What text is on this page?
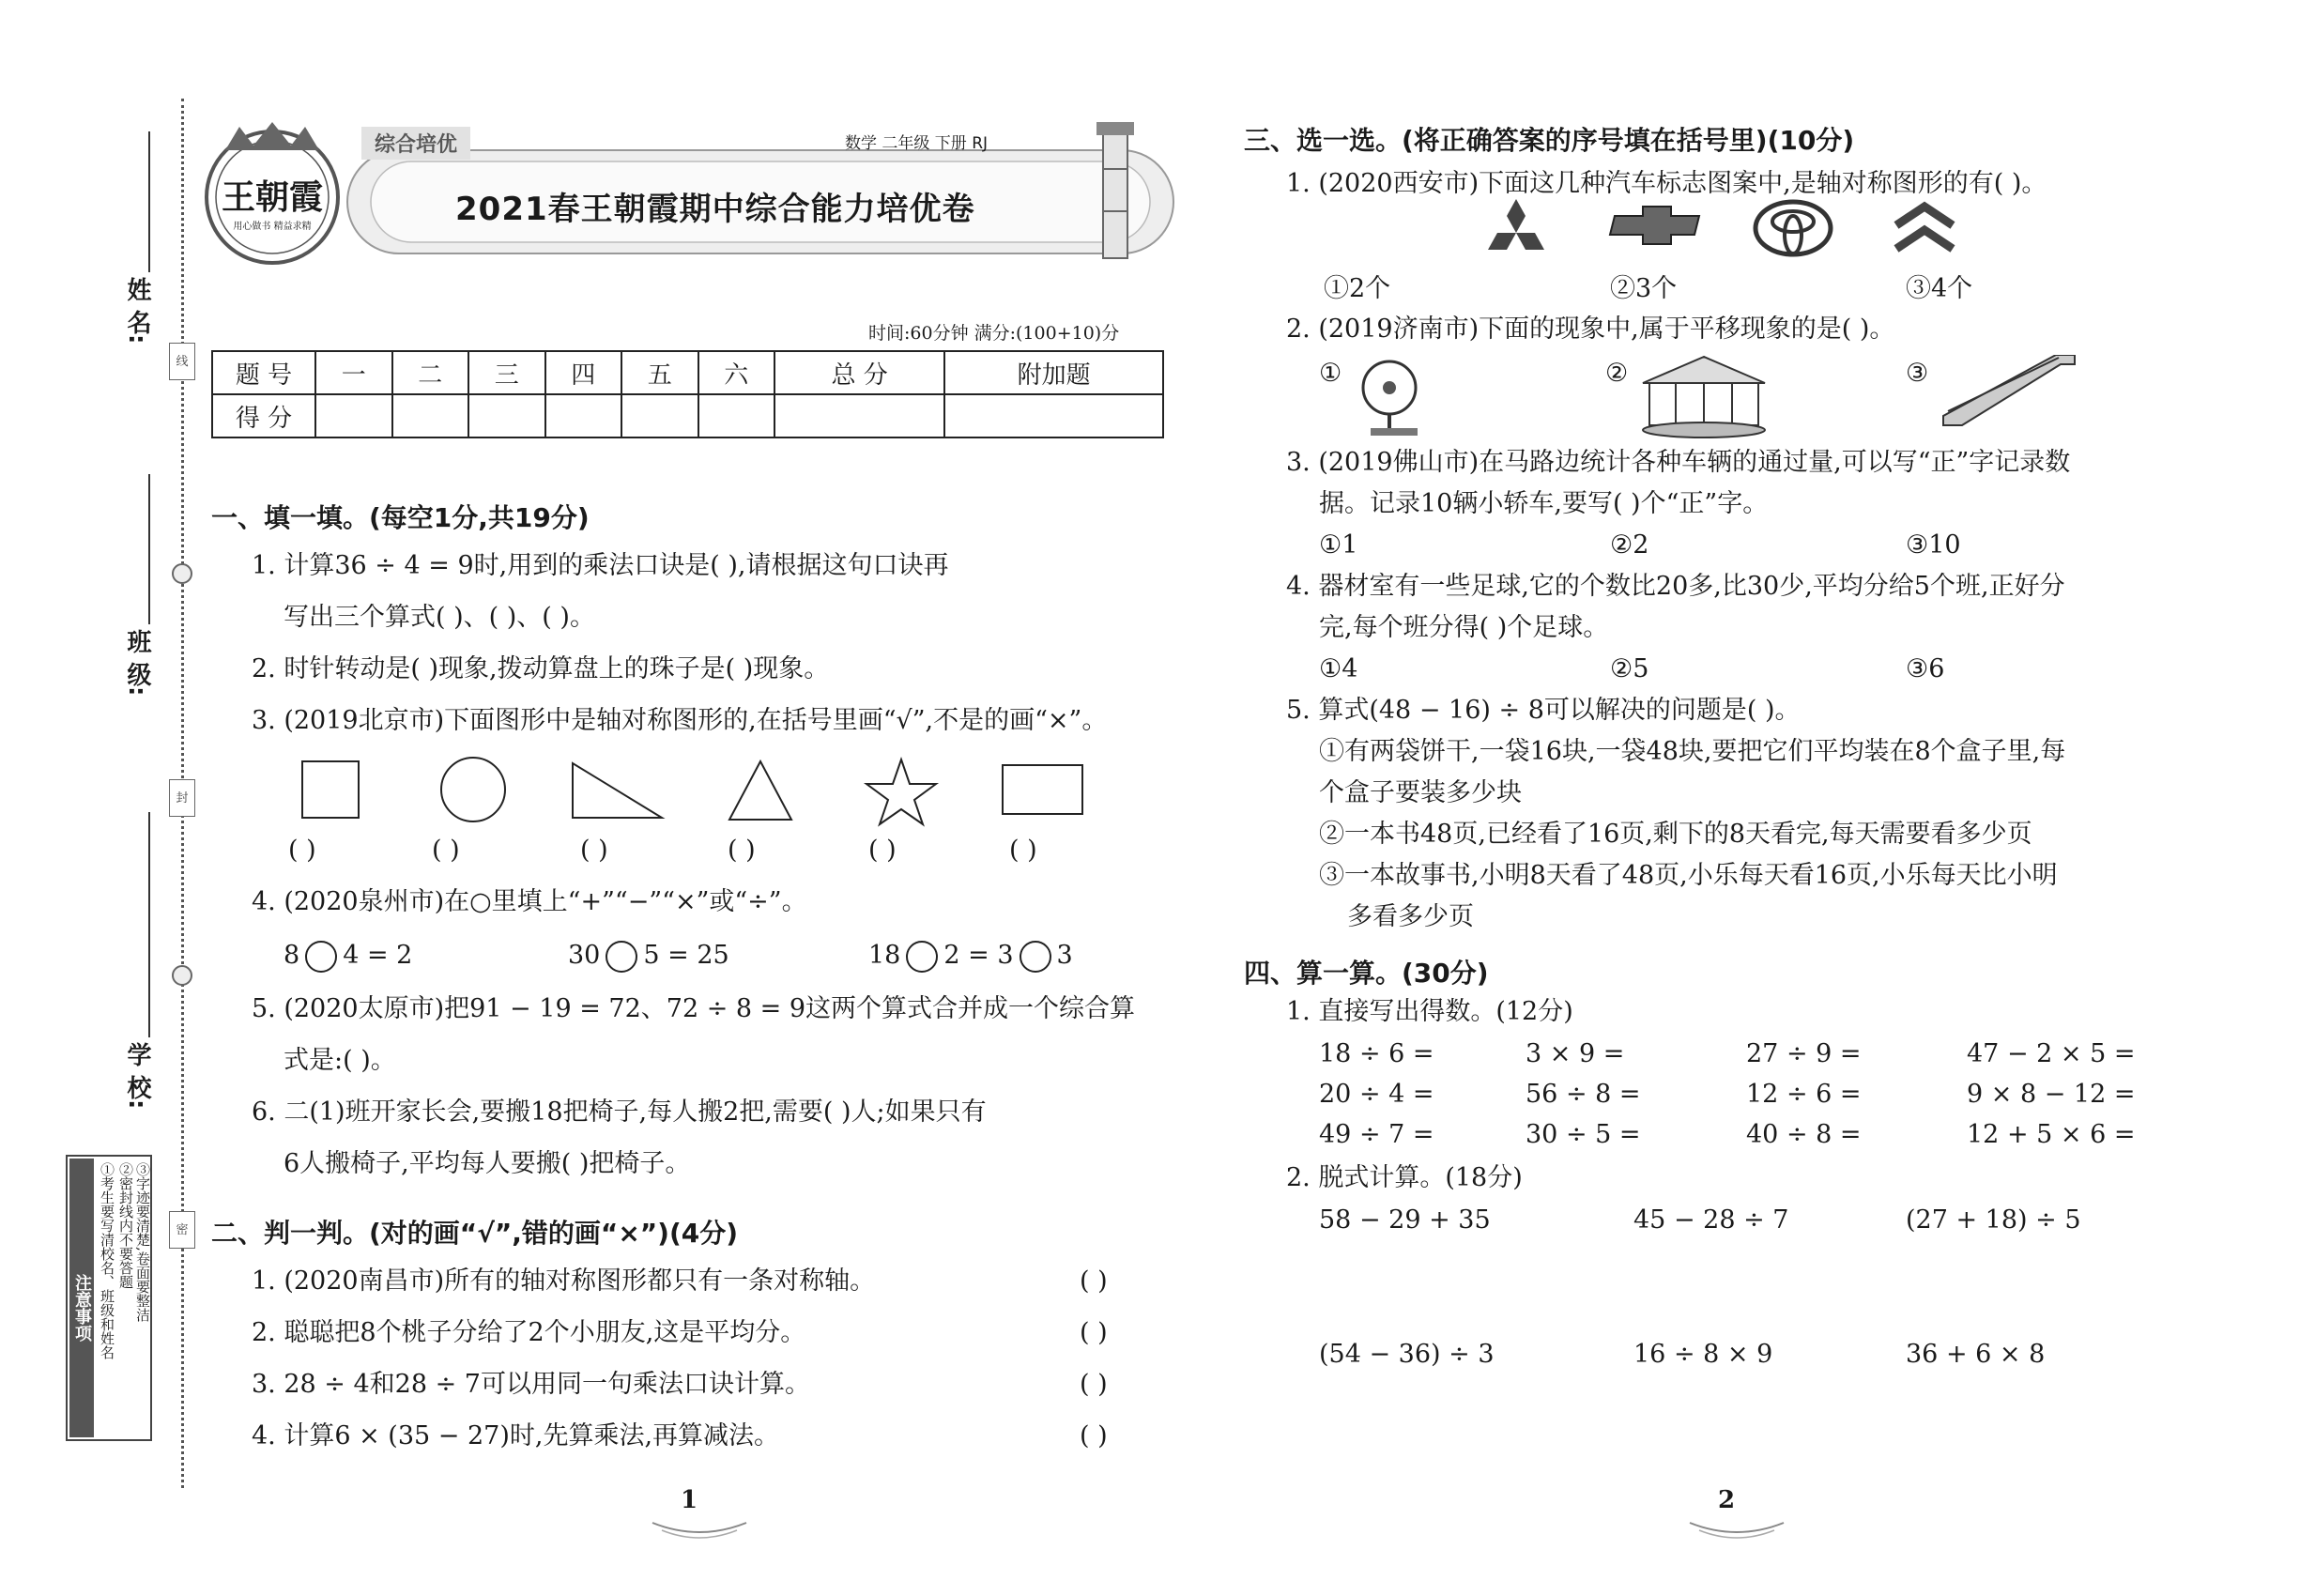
姓 名:
班 级:
学 校:
线
封
密
注意事项 ①考生要写清校名、班级和姓名 ②密封线内不要答题 ③字迹要清楚,卷面要整洁
王朝霞
用心做书 精益求精
综合培优	数学 二年级 下册 RJ
2021春王朝霞期中综合能力培优卷
时间:60分钟 满分:(100+10)分
题 号	一	二	三	四	五	六	总 分	附加题
得 分								
一、填一填。(每空1分,共19分)
1. 计算36 ÷ 4 = 9时,用到的乘法口诀是( ),请根据这句口诀再
写出三个算式( )、( )、( )。
2. 时针转动是( )现象,拨动算盘上的珠子是( )现象。
3. (2019北京市)下面图形中是轴对称图形的,在括号里画“√”,不是的画“×”。
( )	( )	( )	( )	( )	( )
4. (2020泉州市)在○里填上“+”“−”“×”或“÷”。
8 4 = 2	30 5 = 25	18 2 = 3 3
5. (2020太原市)把91 − 19 = 72、72 ÷ 8 = 9这两个算式合并成一个综合算
式是:( )。
6. 二(1)班开家长会,要搬18把椅子,每人搬2把,需要( )人;如果只有
6人搬椅子,平均每人要搬( )把椅子。
二、判一判。(对的画“√”,错的画“×”)(4分)
1. (2020南昌市)所有的轴对称图形都只有一条对称轴。	( )
2. 聪聪把8个桃子分给了2个小朋友,这是平均分。	( )
3. 28 ÷ 4和28 ÷ 7可以用同一句乘法口诀计算。	( )
4. 计算6 × (35 − 27)时,先算乘法,再算减法。	( )
1
三、选一选。(将正确答案的序号填在括号里)(10分)
1. (2020西安市)下面这几种汽车标志图案中,是轴对称图形的有( )。
①2个	②3个	③4个
2. (2019济南市)下面的现象中,属于平移现象的是( )。
①	②	③
3. (2019佛山市)在马路边统计各种车辆的通过量,可以写“正”字记录数
据。记录10辆小轿车,要写( )个“正”字。
①1	②2	③10
4. 器材室有一些足球,它的个数比20多,比30少,平均分给5个班,正好分
完,每个班分得( )个足球。
①4	②5	③6
5. 算式(48 − 16) ÷ 8可以解决的问题是( )。
①有两袋饼干,一袋16块,一袋48块,要把它们平均装在8个盒子里,每
个盒子要装多少块
②一本书48页,已经看了16页,剩下的8天看完,每天需要看多少页
③一本故事书,小明8天看了48页,小乐每天看16页,小乐每天比小明
多看多少页
四、算一算。(30分)
1. 直接写出得数。(12分)
18 ÷ 6 =	3 × 9 =	27 ÷ 9 =	47 − 2 × 5 =
20 ÷ 4 =	56 ÷ 8 =	12 ÷ 6 =	9 × 8 − 12 =
49 ÷ 7 =	30 ÷ 5 =	40 ÷ 8 =	12 + 5 × 6 =
2. 脱式计算。(18分)
58 − 29 + 35	45 − 28 ÷ 7	(27 + 18) ÷ 5
(54 − 36) ÷ 3	16 ÷ 8 × 9	36 + 6 × 8
2
